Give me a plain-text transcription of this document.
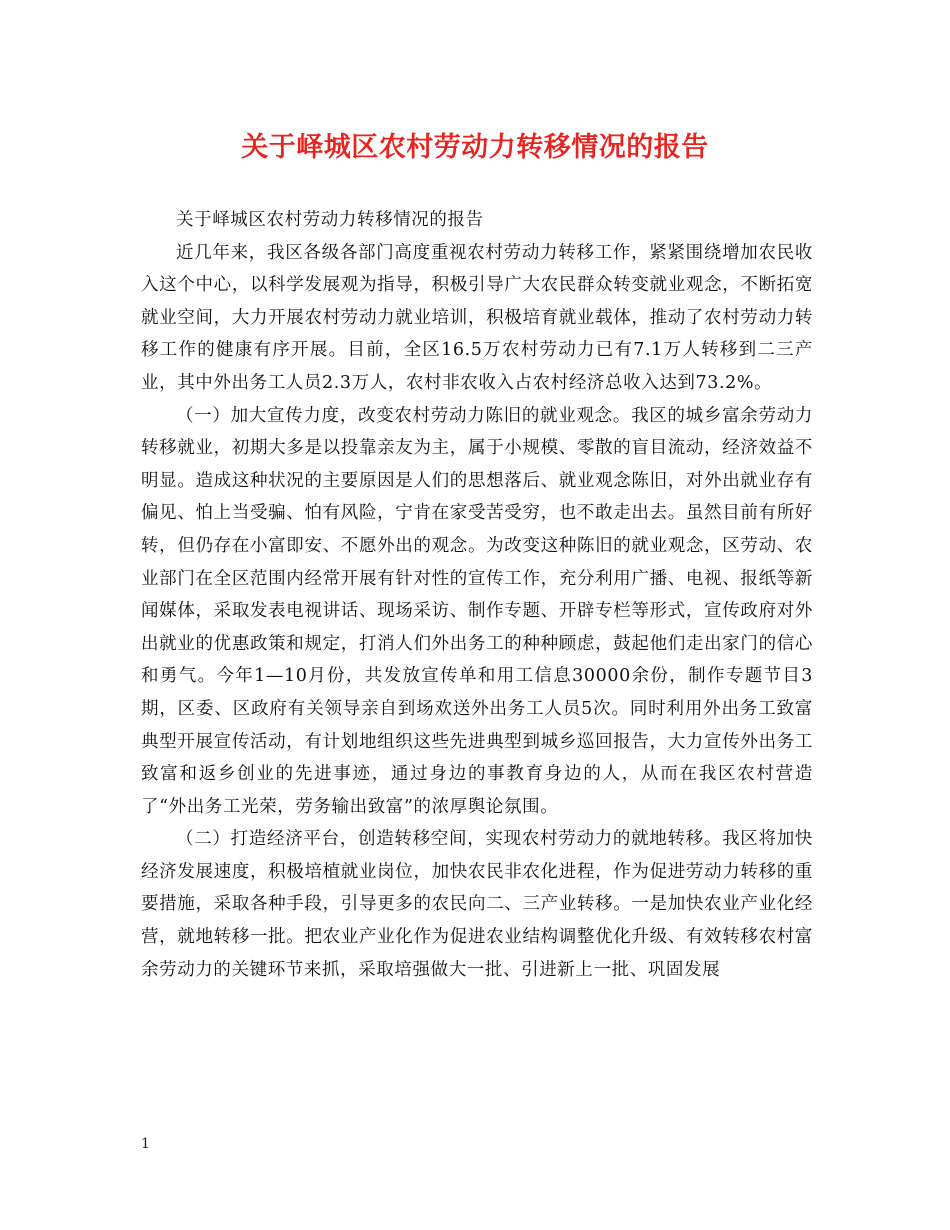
关于峄城区农村劳动力转移情况的报告

关于峄城区农村劳动力转移情况的报告

近几年来，我区各级各部门高度重视农村劳动力转移工作，紧紧围绕增加农民收入这个中心，以科学发展观为指导，积极引导广大农民群众转变就业观念，不断拓宽就业空间，大力开展农村劳动力就业培训，积极培育就业载体，推动了农村劳动力转移工作的健康有序开展。目前，全区16.5万农村劳动力已有7.1万人转移到二三产业，其中外出务工人员2.3万人，农村非农收入占农村经济总收入达到73.2%。

（一）加大宣传力度，改变农村劳动力陈旧的就业观念。我区的城乡富余劳动力转移就业，初期大多是以投靠亲友为主，属于小规模、零散的盲目流动，经济效益不明显。造成这种状况的主要原因是人们的思想落后、就业观念陈旧，对外出就业存有偏见、怕上当受骗、怕有风险，宁肯在家受苦受穷，也不敢走出去。虽然目前有所好转，但仍存在小富即安、不愿外出的观念。为改变这种陈旧的就业观念，区劳动、农业部门在全区范围内经常开展有针对性的宣传工作，充分利用广播、电视、报纸等新闻媒体，采取发表电视讲话、现场采访、制作专题、开辟专栏等形式，宣传政府对外出就业的优惠政策和规定，打消人们外出务工的种种顾虑，鼓起他们走出家门的信心和勇气。今年1—10月份，共发放宣传单和用工信息30000余份，制作专题节目3期，区委、区政府有关领导亲自到场欢送外出务工人员5次。同时利用外出务工致富典型开展宣传活动，有计划地组织这些先进典型到城乡巡回报告，大力宣传外出务工致富和返乡创业的先进事迹，通过身边的事教育身边的人，从而在我区农村营造了“外出务工光荣，劳务输出致富”的浓厚舆论氛围。

（二）打造经济平台，创造转移空间，实现农村劳动力的就地转移。我区将加快经济发展速度，积极培植就业岗位，加快农民非农化进程，作为促进劳动力转移的重要措施，采取各种手段，引导更多的农民向二、三产业转移。一是加快农业产业化经营，就地转移一批。把农业产业化作为促进农业结构调整优化升级、有效转移农村富余劳动力的关键环节来抓，采取培强做大一批、引进新上一批、巩固发展

1
